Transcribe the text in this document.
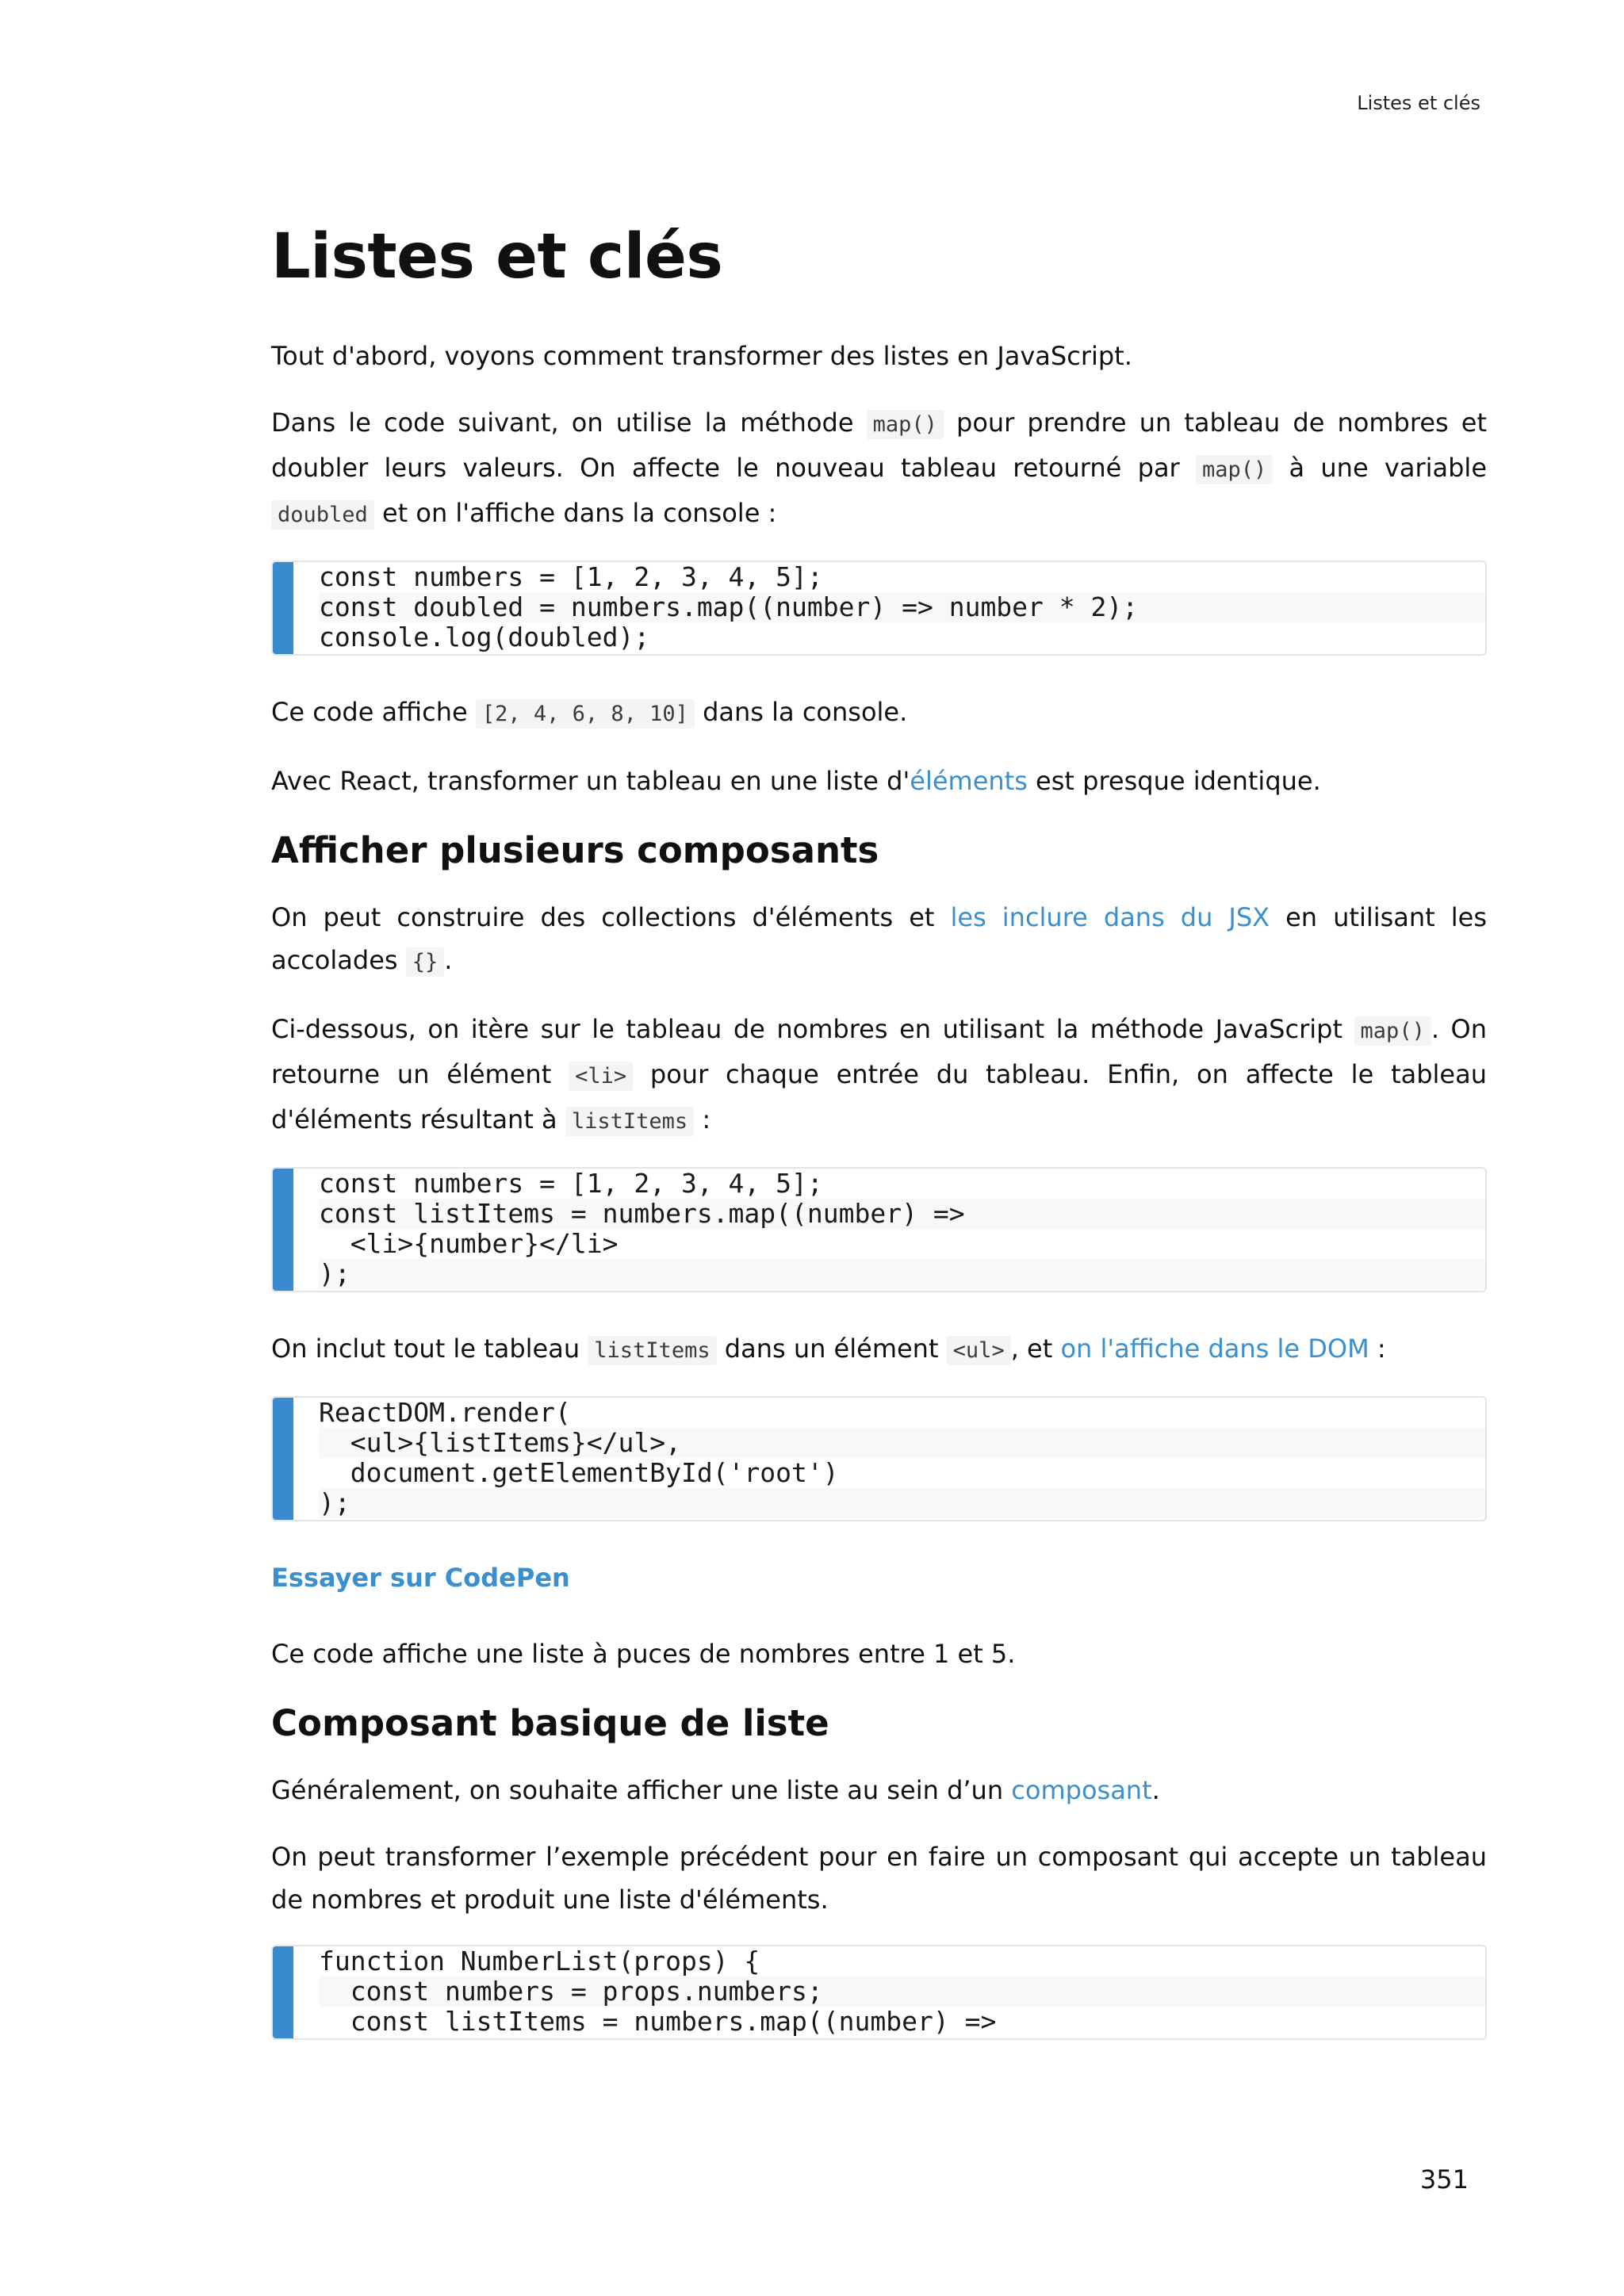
Listes et clés
Listes et clés

Tout d'abord, voyons comment transformer des listes en JavaScript.

Dans le code suivant, on utilise la méthode map() pour prendre un tableau de nombres et doubler leurs valeurs. On affecte le nouveau tableau retourné par map() à une variable doubled et on l'affiche dans la console :

const numbers = [1, 2, 3, 4, 5];
const doubled = numbers.map((number) => number * 2);
console.log(doubled);

Ce code affiche [2, 4, 6, 8, 10] dans la console.

Avec React, transformer un tableau en une liste d'éléments est presque identique.

Afficher plusieurs composants

On peut construire des collections d'éléments et les inclure dans du JSX en utilisant les accolades {} .

Ci-dessous, on itère sur le tableau de nombres en utilisant la méthode JavaScript map() . On retourne un élément <li> pour chaque entrée du tableau. Enfin, on affecte le tableau d'éléments résultant à listItems :

const numbers = [1, 2, 3, 4, 5];
const listItems = numbers.map((number) =>
<li>{number}</li>
);

On inclut tout le tableau listItems dans un élément <ul> , et on l'affiche dans le DOM :

ReactDOM.render(
<ul>{listItems}</ul>,
document.getElementById('root')
);
Essayer sur CodePen

Ce code affiche une liste à puces de nombres entre 1 et 5.

Composant basique de liste

Généralement, on souhaite afficher une liste au sein d’un composant.

On peut transformer l’exemple précédent pour en faire un composant qui accepte un tableau de nombres et produit une liste d'éléments.

function NumberList(props) {
const numbers = props.numbers;
const listItems = numbers.map((number) =>
351
